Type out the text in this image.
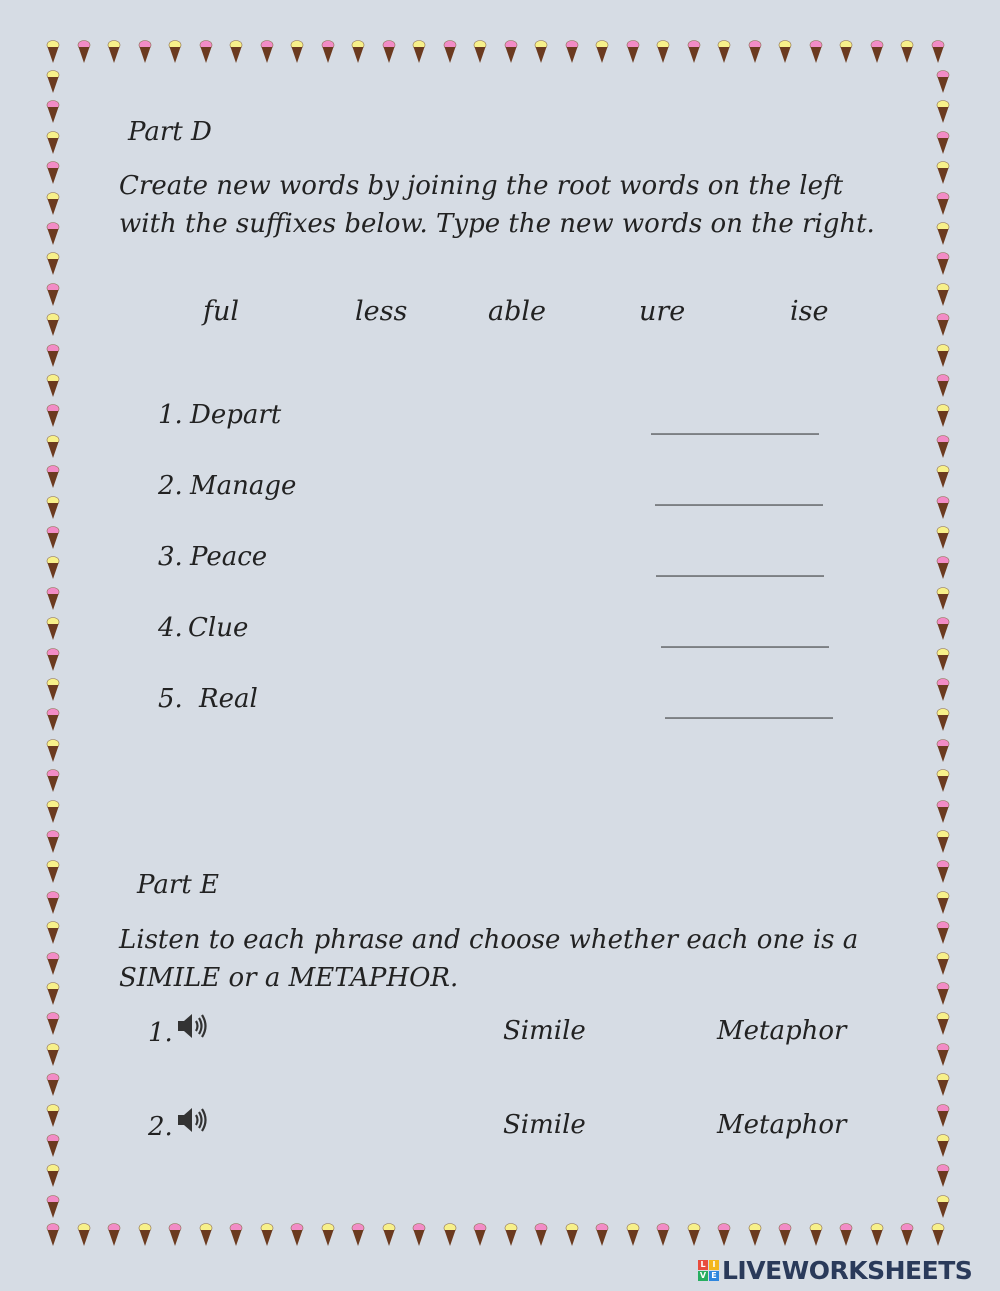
Part D
Create new words by joining the root words on the left with the suffixes below. Type the new words on the right.
ful	less	able	ure	ise
1. Depart	______________
2. Manage	______________
3. Peace	______________
4. Clue	______________
5. Real	______________
Part E
Listen to each phrase and choose whether each one is a SIMILE or a METAPHOR.
1.	Simile	Metaphor
2.	Simile	Metaphor
L I
V E LIVEWORKSHEETS
